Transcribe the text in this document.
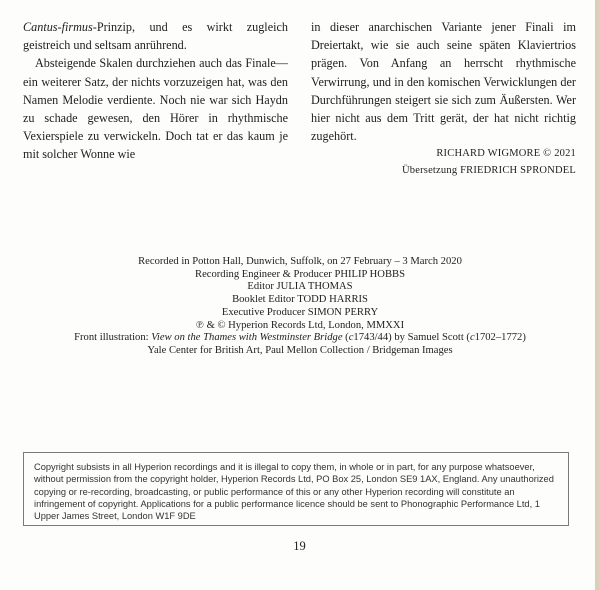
Cantus-firmus-Prinzip, und es wirkt zugleich geistreich und seltsam anrührend.

Absteigende Skalen durchziehen auch das Finale—ein weiterer Satz, der nichts vorzuzeigen hat, was den Namen Melodie verdiente. Noch nie war sich Haydn zu schade gewesen, den Hörer in rhythmische Vexierspiele zu verwickeln. Doch tat er das kaum je mit solcher Wonne wie

in dieser anarchischen Variante jener Finali im Dreiertakt, wie sie auch seine späten Klaviertrios prägen. Von Anfang an herrscht rhythmische Verwirrung, und in den komischen Verwicklungen der Durchführungen steigert sie sich zum Äußersten. Wer hier nicht aus dem Tritt gerät, der hat nicht richtig zugehört.

RICHARD WIGMORE © 2021
Übersetzung FRIEDRICH SPRONDEL
Recorded in Potton Hall, Dunwich, Suffolk, on 27 February – 3 March 2020
Recording Engineer & Producer PHILIP HOBBS
Editor JULIA THOMAS
Booklet Editor TODD HARRIS
Executive Producer SIMON PERRY
℗ & © Hyperion Records Ltd, London, MMXXI
Front illustration: View on the Thames with Westminster Bridge (c1743/44) by Samuel Scott (c1702–1772)
Yale Center for British Art, Paul Mellon Collection / Bridgeman Images
Copyright subsists in all Hyperion recordings and it is illegal to copy them, in whole or in part, for any purpose whatsoever, without permission from the copyright holder, Hyperion Records Ltd, PO Box 25, London SE9 1AX, England. Any unauthorized copying or re-recording, broadcasting, or public performance of this or any other Hyperion recording will constitute an infringement of copyright. Applications for a public performance licence should be sent to Phonographic Performance Ltd, 1 Upper James Street, London W1F 9DE
19
